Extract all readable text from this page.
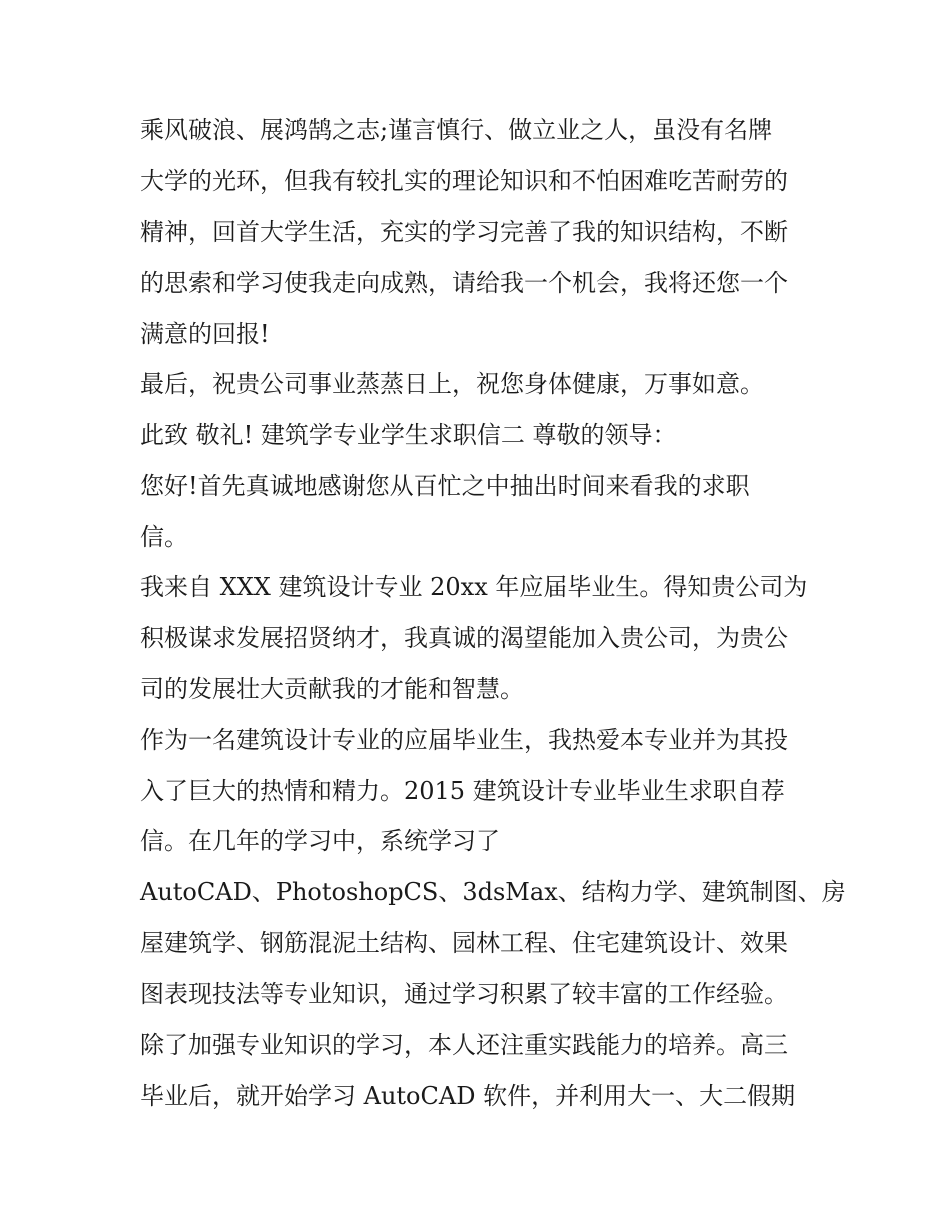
乘风破浪、展鸿鹄之志;谨言慎行、做立业之人，虽没有名牌
大学的光环，但我有较扎实的理论知识和不怕困难吃苦耐劳的
精神，回首大学生活，充实的学习完善了我的知识结构，不断
的思索和学习使我走向成熟，请给我一个机会，我将还您一个
满意的回报!
最后，祝贵公司事业蒸蒸日上，祝您身体健康，万事如意。
此致 敬礼! 建筑学专业学生求职信二 尊敬的领导：
您好!首先真诚地感谢您从百忙之中抽出时间来看我的求职
信。
我来自 XXX 建筑设计专业 20xx 年应届毕业生。得知贵公司为
积极谋求发展招贤纳才，我真诚的渴望能加入贵公司，为贵公
司的发展壮大贡献我的才能和智慧。
作为一名建筑设计专业的应届毕业生，我热爱本专业并为其投
入了巨大的热情和精力。2015 建筑设计专业毕业生求职自荐
信。在几年的学习中，系统学习了
AutoCAD、PhotoshopCS、3dsMax、结构力学、建筑制图、房
屋建筑学、钢筋混泥土结构、园林工程、住宅建筑设计、效果
图表现技法等专业知识，通过学习积累了较丰富的工作经验。
除了加强专业知识的学习，本人还注重实践能力的培养。高三
毕业后，就开始学习 AutoCAD 软件，并利用大一、大二假期
